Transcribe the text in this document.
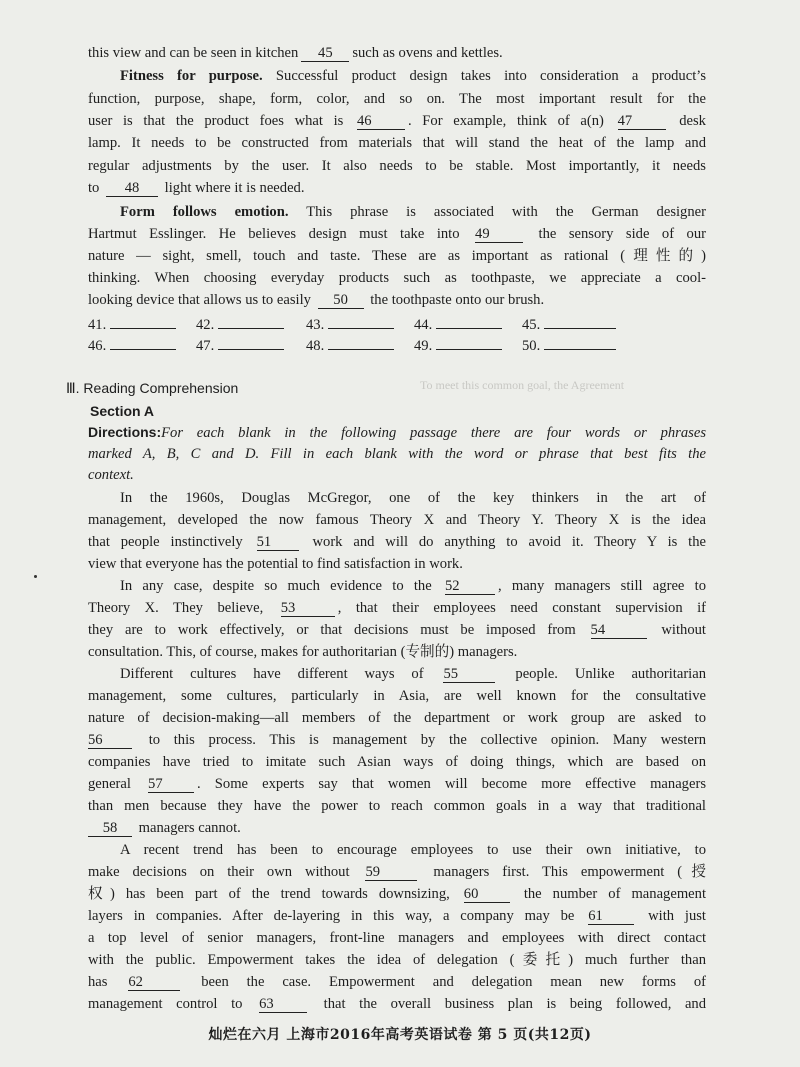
To meet this common goal, the Agreement
this view and can be seen in kitchen 45 such as ovens and kettles.
Fitness for purpose. Successful product design takes into consideration a product’s
function, purpose, shape, form, color, and so on. The most important result for the
user is that the product foes what is 46 . For example, think of a(n) 47	desk
lamp. It needs to be constructed from materials that will stand the heat of the lamp and
regular adjustments by the user. It also needs to be stable. Most importantly, it needs
to 48 light where it is needed.
Form follows emotion. This phrase is associated with the German designer
Hartmut Esslinger. He believes design must take into 49	the sensory side of our
nature — sight, smell, touch and taste. These are as important as rational (理性的)
thinking. When choosing everyday products such as toothpaste, we appreciate a cool-
looking device that allows us to easily 50 the toothpaste onto our brush.
41.	42.	43.	44.	45.
46.	47.	48.	49.	50.
Ⅲ. Reading Comprehension
Section A
Directions:For each blank in the following passage there are four words or phrases
marked A, B, C and D. Fill in each blank with the word or phrase that best fits the
context.
In the 1960s, Douglas McGregor, one of the key thinkers in the art of
management, developed the now famous Theory X and Theory Y. Theory X is the idea
that people instinctively 51	work and will do anything to avoid it. Theory Y is the
view that everyone has the potential to find satisfaction in work.
In any case, despite so much evidence to the 52	, many managers still agree to
Theory X. They believe, 53	, that their employees need constant supervision if
they are to work effectively, or that decisions must be imposed from 54	without
consultation. This, of course, makes for authoritarian (专制的) managers.
Different cultures have different ways of 55	people. Unlike authoritarian
management, some cultures, particularly in Asia, are well known for the consultative
nature of decision-making—all members of the department or work group are asked to
56	to this process. This is management by the collective opinion. Many western
companies have tried to imitate such Asian ways of doing things, which are based on
general 57 . Some experts say that women will become more effective managers
than men because they have the power to reach common goals in a way that traditional
58 managers cannot.
A recent trend has been to encourage employees to use their own initiative, to
make decisions on their own without 59	managers first. This empowerment (授
权) has been part of the trend towards downsizing, 60	the number of management
layers in companies. After de-layering in this way, a company may be 61	with just
a top level of senior managers, front-line managers and employees with direct contact
with the public. Empowerment takes the idea of delegation (委托) much further than
has 62	been the case. Empowerment and delegation mean new forms of
management control to 63	that the overall business plan is being followed, and
灿烂在六月 上海市2016年高考英语试卷 第 5 页(共12页)
